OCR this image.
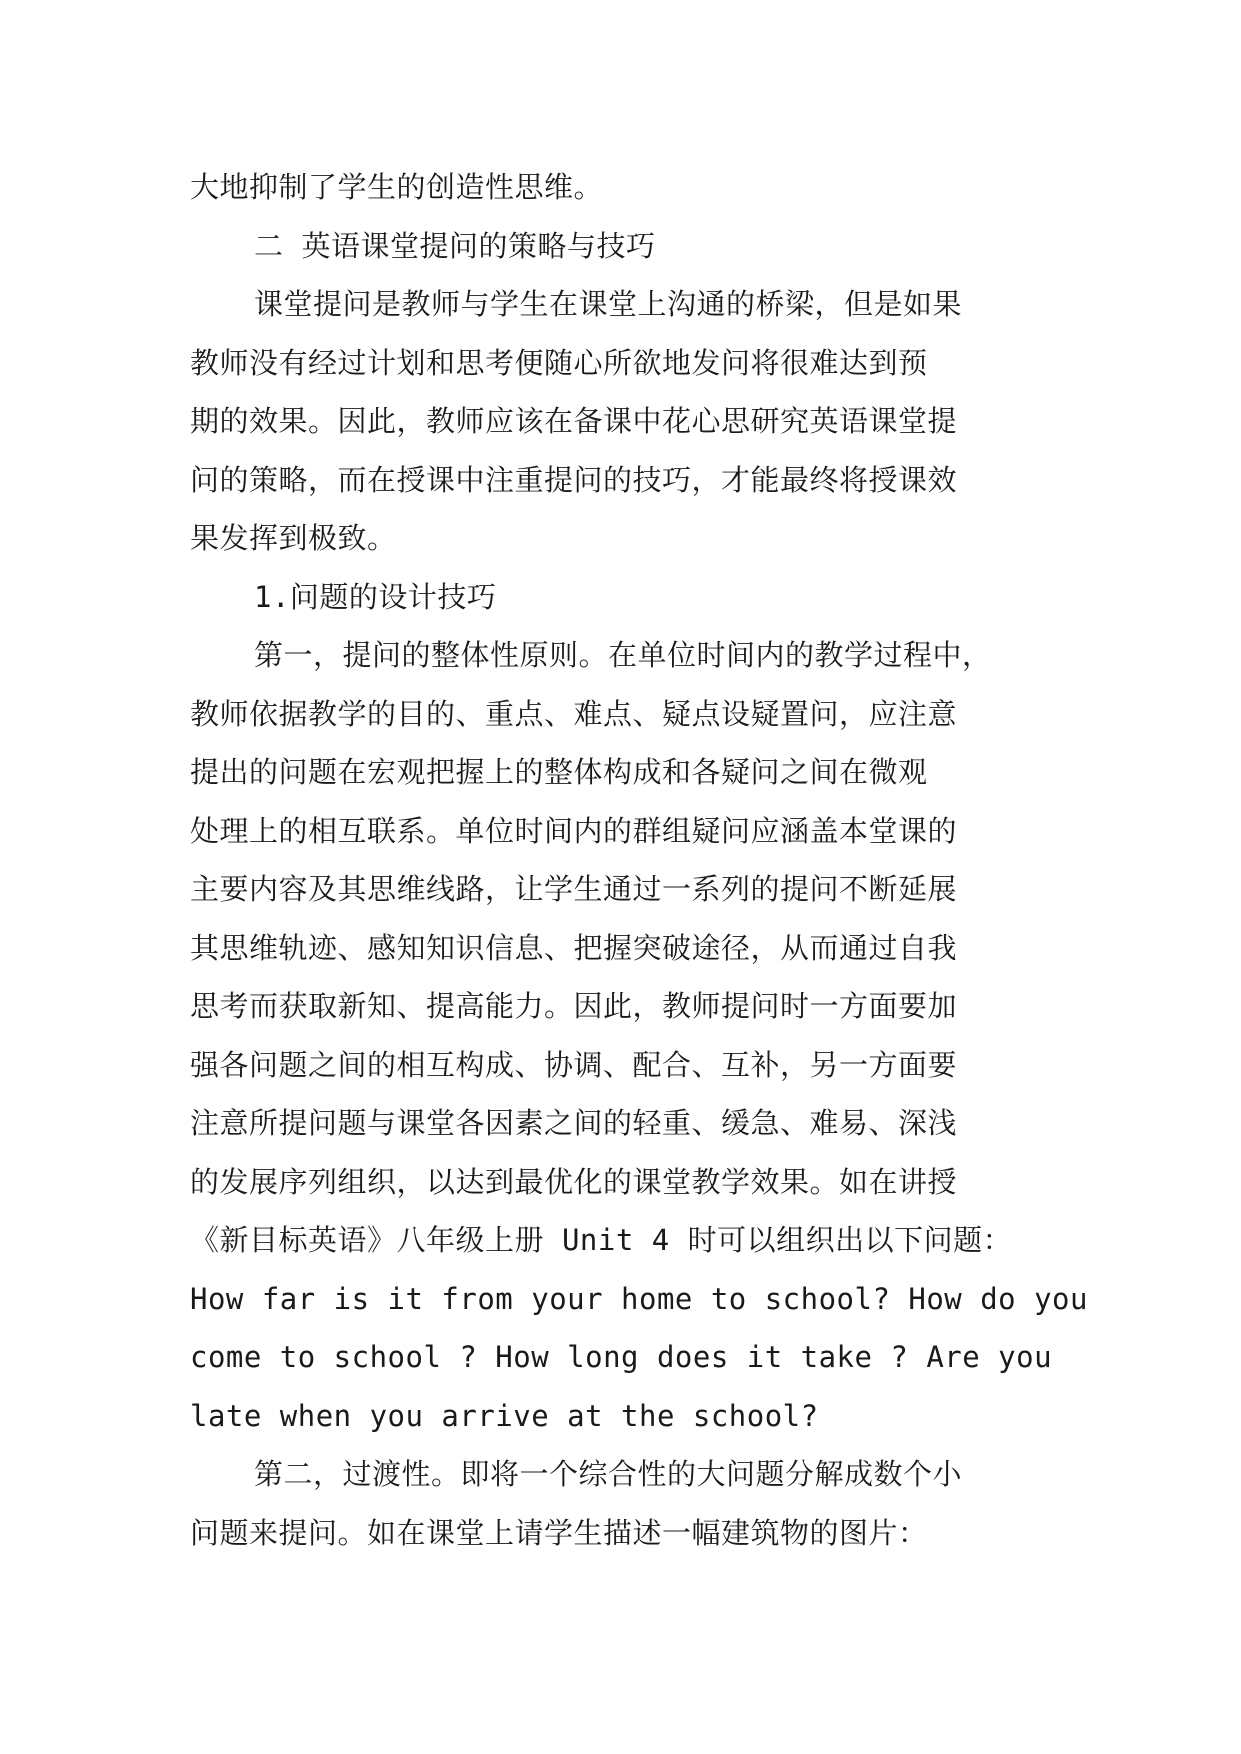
大地抑制了学生的创造性思维。
二 英语课堂提问的策略与技巧
课堂提问是教师与学生在课堂上沟通的桥梁，但是如果
教师没有经过计划和思考便随心所欲地发问将很难达到预
期的效果。因此，教师应该在备课中花心思研究英语课堂提
问的策略，而在授课中注重提问的技巧，才能最终将授课效
果发挥到极致。
1.问题的设计技巧
第一，提问的整体性原则。在单位时间内的教学过程中，
教师依据教学的目的、重点、难点、疑点设疑置问，应注意
提出的问题在宏观把握上的整体构成和各疑问之间在微观
处理上的相互联系。单位时间内的群组疑问应涵盖本堂课的
主要内容及其思维线路，让学生通过一系列的提问不断延展
其思维轨迹、感知知识信息、把握突破途径，从而通过自我
思考而获取新知、提高能力。因此，教师提问时一方面要加
强各问题之间的相互构成、协调、配合、互补，另一方面要
注意所提问题与课堂各因素之间的轻重、缓急、难易、深浅
的发展序列组织，以达到最优化的课堂教学效果。如在讲授
《新目标英语》八年级上册 Unit 4 时可以组织出以下问题：
How far is it from your home to school? How do you
come to school ? How long does it take ? Are you
late when you arrive at the school?
第二，过渡性。即将一个综合性的大问题分解成数个小
问题来提问。如在课堂上请学生描述一幅建筑物的图片：
